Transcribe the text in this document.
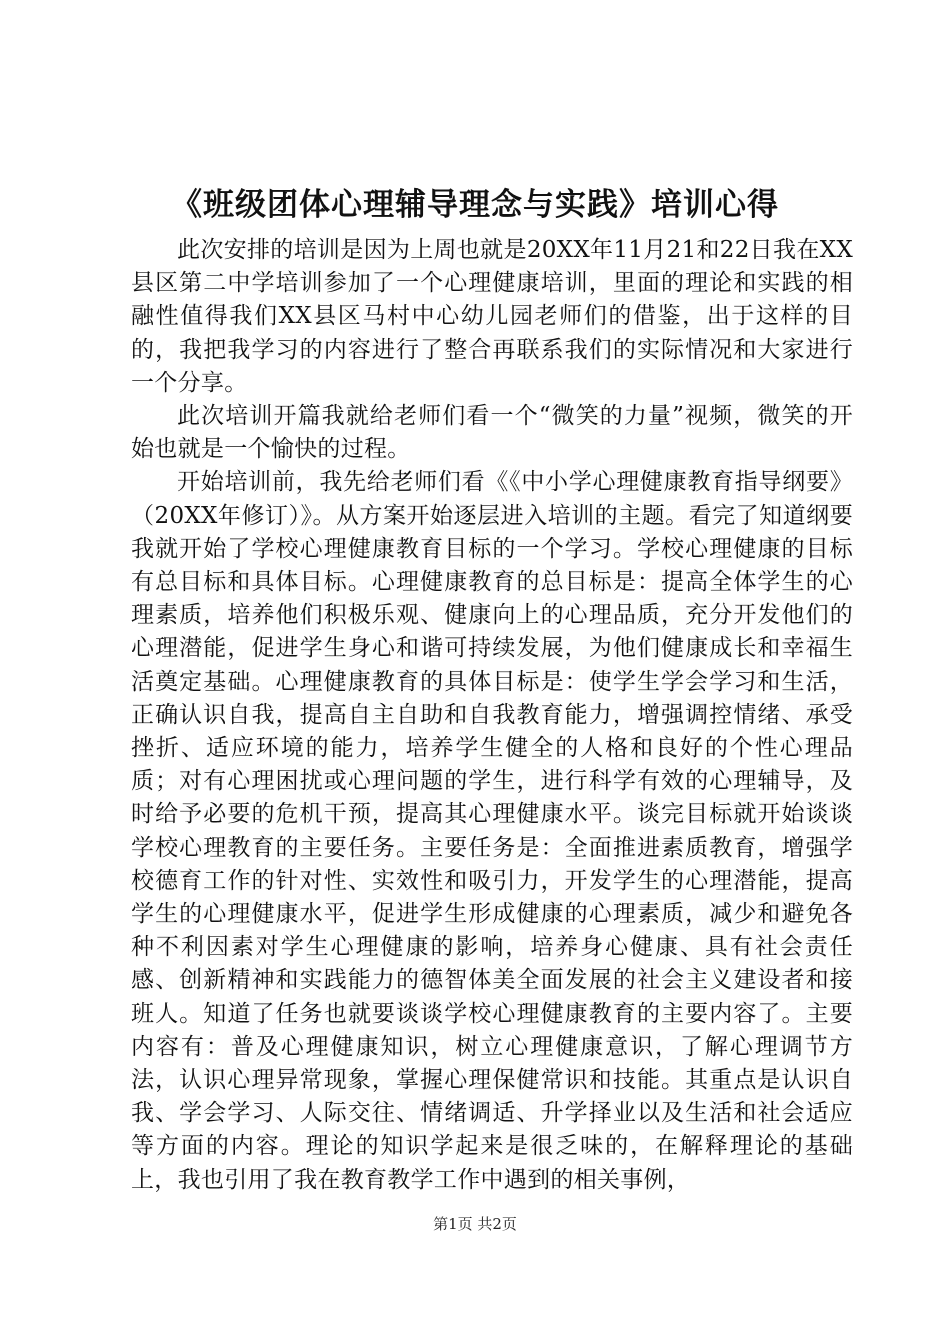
《班级团体心理辅导理念与实践》培训心得

此次安排的培训是因为上周也就是20XX年11月21和22日我在XX县区第二中学培训参加了一个心理健康培训，里面的理论和实践的相融性值得我们XX县区马村中心幼儿园老师们的借鉴，出于这样的目的，我把我学习的内容进行了整合再联系我们的实际情况和大家进行一个分享。

此次培训开篇我就给老师们看一个“微笑的力量”视频，微笑的开始也就是一个愉快的过程。

开始培训前，我先给老师们看《《中小学心理健康教育指导纲要》（20XX年修订）》。从方案开始逐层进入培训的主题。看完了知道纲要我就开始了学校心理健康教育目标的一个学习。学校心理健康的目标有总目标和具体目标。心理健康教育的总目标是：提高全体学生的心理素质，培养他们积极乐观、健康向上的心理品质，充分开发他们的心理潜能，促进学生身心和谐可持续发展，为他们健康成长和幸福生活奠定基础。心理健康教育的具体目标是：使学生学会学习和生活，正确认识自我，提高自主自助和自我教育能力，增强调控情绪、承受挫折、适应环境的能力，培养学生健全的人格和良好的个性心理品质；对有心理困扰或心理问题的学生，进行科学有效的心理辅导，及时给予必要的危机干预，提高其心理健康水平。谈完目标就开始谈谈学校心理教育的主要任务。主要任务是：全面推进素质教育，增强学校德育工作的针对性、实效性和吸引力，开发学生的心理潜能，提高学生的心理健康水平，促进学生形成健康的心理素质，减少和避免各种不利因素对学生心理健康的影响，培养身心健康、具有社会责任感、创新精神和实践能力的德智体美全面发展的社会主义建设者和接班人。知道了任务也就要谈谈学校心理健康教育的主要内容了。主要内容有：普及心理健康知识，树立心理健康意识，了解心理调节方法，认识心理异常现象，掌握心理保健常识和技能。其重点是认识自我、学会学习、人际交往、情绪调适、升学择业以及生活和社会适应等方面的内容。理论的知识学起来是很乏味的，在解释理论的基础上，我也引用了我在教育教学工作中遇到的相关事例，

第1页 共2页
